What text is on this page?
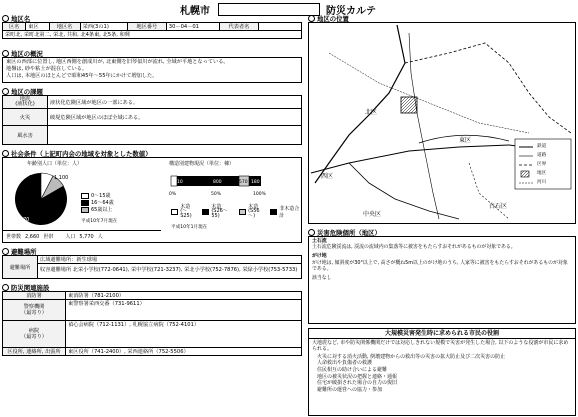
札幌市	防災カルテ
地区名
区名	東区	地区名	栄西(3の1)	地区番号	30－04－01	代表者名	
栄町北, 栄町北第二, 栄北, 共和, 北4条東, 北5条, 和興
地区の概況
東区の西部に位置し, 地区西側を創成川が, 北東側を旧琴似川が流れ, 全域が平地となっている。
地盤は, 砂や粘土が混在している。
人口は, 本地区のほとんどで昭和45年～55年にかけて増加した。
地区の課題
地震
(液状化)	液状化危険区域が地区の一部にある。
火災	破堤危険区域が地区のほぼ全域にある。
風水害	
社会条件（上記町内会の地域を対象とした数値）
年齢別人口（単位：人）
800	1,100
4,470
0～15歳
16～64歳
65歳以上
構造別建物現況（単位：棟）
10	800	570 180
0%	50%	100%
木造
(～S25)
木造
(S26～55)
木造
(S56～)
非木造合計
平成10年1月現在
平成10年7月現在
世帯数 2,660 世帯 人口 5,770 人
避難場所
避難場所	広域避難場所：新生球場
収容避難場所 北栄小学校(772-0641), 栄中学校(721-3237), 栄北小学校(752-7876), 栄緑小学校(753-5733)
防災関連施設
消防署	東消防署（781-2100）
警察機関
（最寄り）	東警察署栄西交番（731-9611）
病院
（最寄り）	禎心会病院（712-1131）, 札幌協立病院（752-4101）
区役所, 連絡所, 出張所	東区役所（741-2400）, 栄西連絡所（752-5506）
地区の位置
北区
東区
西区
白石区
中央区
鉄道
道路
区界
地区
河川
災害危険個所（地区）
土石流
土石流危険渓流は, 渓流の流域内の集落等に被害をもたらすおそれがあるものが対象である。
がけ地
がけ地は, 傾斜度が30°以上で, 高さが概ね5m以上のがけ地のうち, 人家等に被害をもたらすおそれがあるものが対象である。
該当なし
大規模災害発生時に求められる市民の役割
大地震など, 市や防災関係機関だけでは対応しきれない規模で災害が発生した場合, 以下のような役割が市民に求められる。
• 火災に対する消火活動, 倒壊建物からの救出等の災害の拡大防止及び二次災害の防止
• 人命救出や負傷者の救護
• 住民相互の助け合いによる避難
• 地区の被災状況の把握と連絡・通報
• 住宅が破損された場合の自力の復旧
• 避難所の運営への協力・参加
